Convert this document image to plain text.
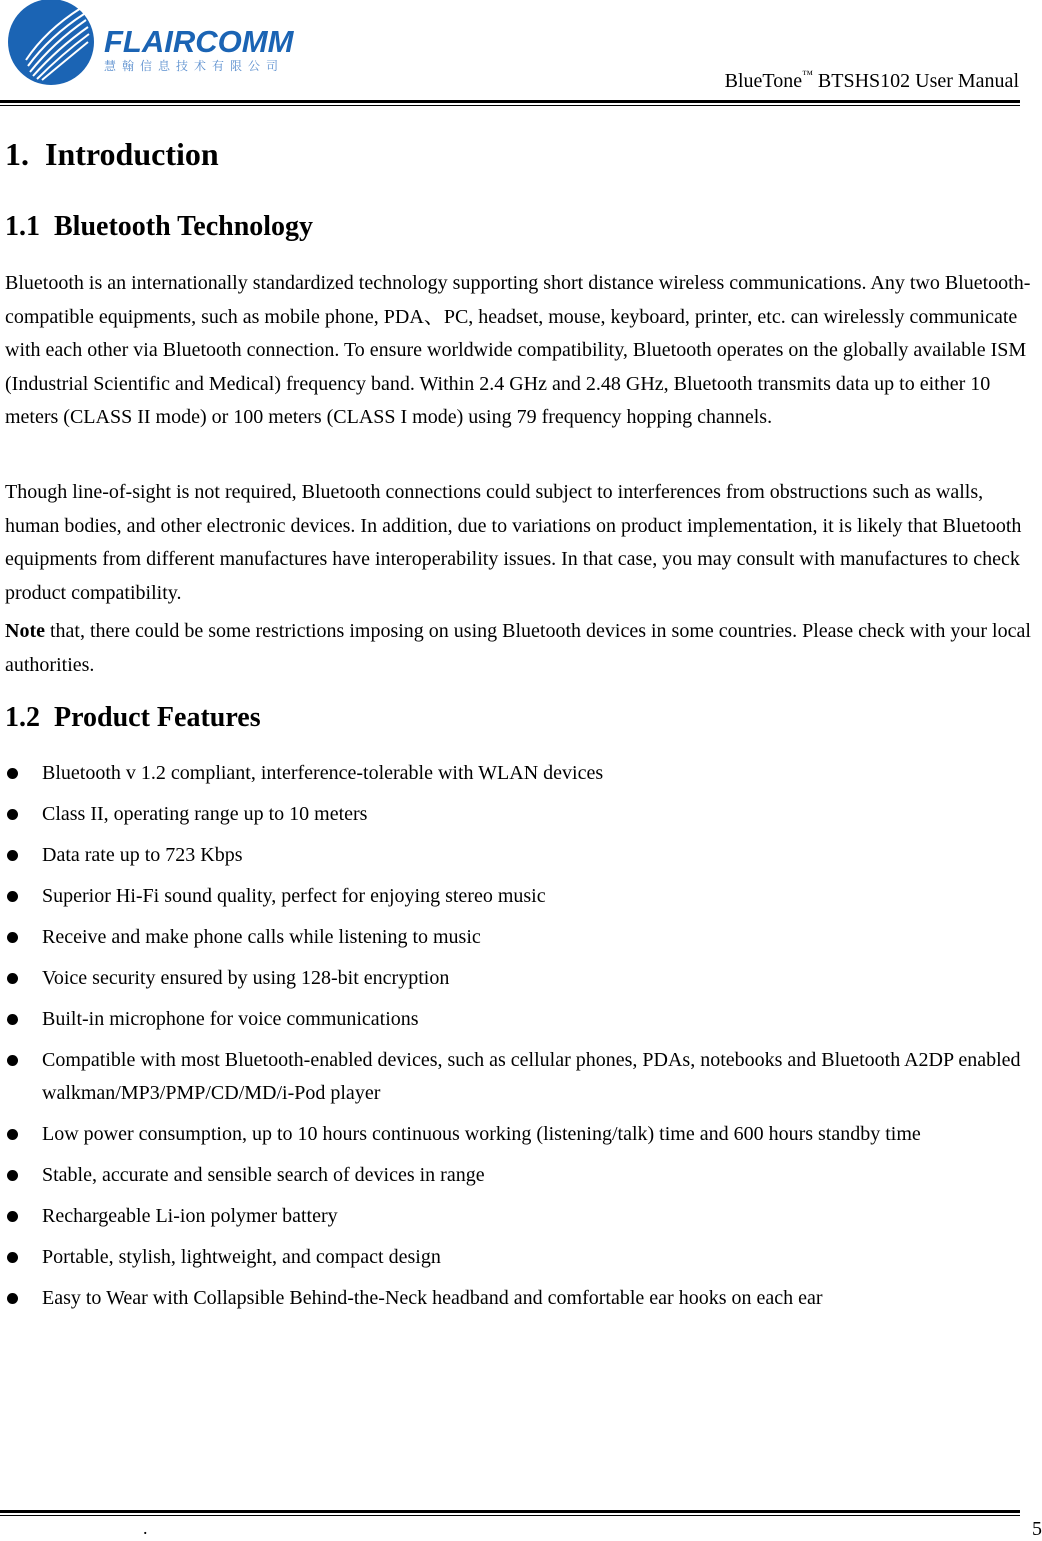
FLAIRCOMM
慧翰信息技术有限公司
BlueTone™ BTSHS102 User Manual
1. Introduction
1.1 Bluetooth Technology

Bluetooth is an internationally standardized technology supporting short distance wireless communications. Any two Bluetooth-compatible equipments, such as mobile phone, PDA、PC, headset, mouse, keyboard, printer, etc. can wirelessly communicate with each other via Bluetooth connection. To ensure worldwide compatibility, Bluetooth operates on the globally available ISM (Industrial Scientific and Medical) frequency band. Within 2.4 GHz and 2.48 GHz, Bluetooth transmits data up to either 10 meters (CLASS II mode) or 100 meters (CLASS I mode) using 79 frequency hopping channels.

Though line-of-sight is not required, Bluetooth connections could subject to interferences from obstructions such as walls, human bodies, and other electronic devices. In addition, due to variations on product implementation, it is likely that Bluetooth equipments from different manufactures have interoperability issues. In that case, you may consult with manufactures to check product compatibility.

Note that, there could be some restrictions imposing on using Bluetooth devices in some countries. Please check with your local authorities.

1.2 Product Features
Bluetooth v 1.2 compliant, interference-tolerable with WLAN devices
Class II, operating range up to 10 meters
Data rate up to 723 Kbps
Superior Hi-Fi sound quality, perfect for enjoying stereo music
Receive and make phone calls while listening to music
Voice security ensured by using 128-bit encryption
Built-in microphone for voice communications
Compatible with most Bluetooth-enabled devices, such as cellular phones, PDAs, notebooks and Bluetooth A2DP enabled walkman/MP3/PMP/CD/MD/i-Pod player
Low power consumption, up to 10 hours continuous working (listening/talk) time and 600 hours standby time
Stable, accurate and sensible search of devices in range
Rechargeable Li-ion polymer battery
Portable, stylish, lightweight, and compact design
Easy to Wear with Collapsible Behind-the-Neck headband and comfortable ear hooks on each ear
.	5
